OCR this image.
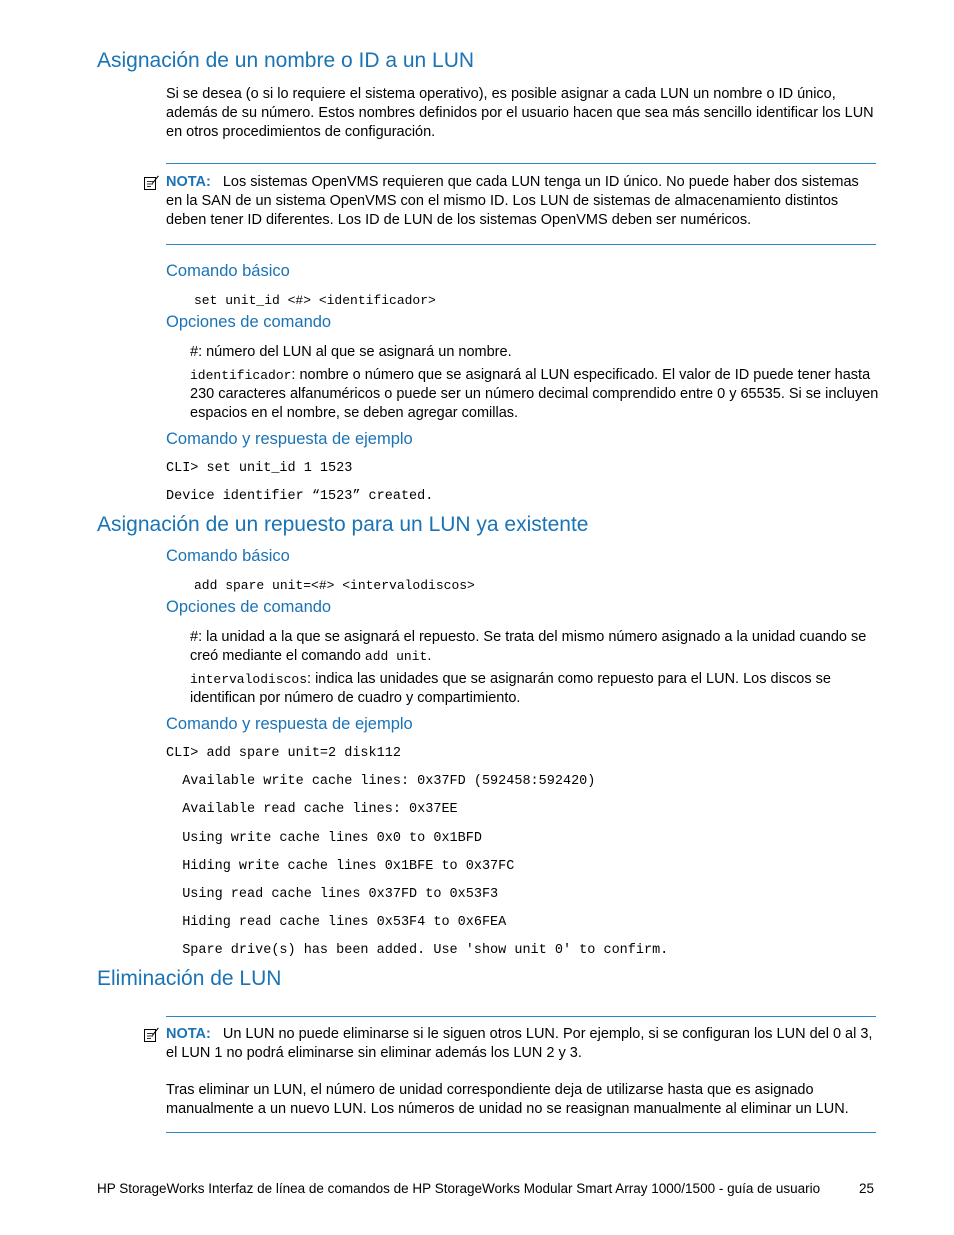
Asignación de un nombre o ID a un LUN
Si se desea (o si lo requiere el sistema operativo), es posible asignar a cada LUN un nombre o ID único, además de su número. Estos nombres definidos por el usuario hacen que sea más sencillo identificar los LUN en otros procedimientos de configuración.
NOTA: Los sistemas OpenVMS requieren que cada LUN tenga un ID único. No puede haber dos sistemas en la SAN de un sistema OpenVMS con el mismo ID. Los LUN de sistemas de almacenamiento distintos deben tener ID diferentes. Los ID de LUN de los sistemas OpenVMS deben ser numéricos.
Comando básico
set unit_id <#> <identificador>
Opciones de comando
#: número del LUN al que se asignará un nombre.
identificador: nombre o número que se asignará al LUN especificado. El valor de ID puede tener hasta 230 caracteres alfanuméricos o puede ser un número decimal comprendido entre 0 y 65535. Si se incluyen espacios en el nombre, se deben agregar comillas.
Comando y respuesta de ejemplo
CLI> set unit_id 1 1523
Device identifier “1523” created.
Asignación de un repuesto para un LUN ya existente
Comando básico
add spare unit=<#> <intervalodiscos>
Opciones de comando
#: la unidad a la que se asignará el repuesto. Se trata del mismo número asignado a la unidad cuando se creó mediante el comando add unit.
intervalodiscos: indica las unidades que se asignarán como repuesto para el LUN. Los discos se identifican por número de cuadro y compartimiento.
Comando y respuesta de ejemplo
CLI> add spare unit=2 disk112
Available write cache lines: 0x37FD (592458:592420)
Available read cache lines: 0x37EE
Using write cache lines 0x0 to 0x1BFD
Hiding write cache lines 0x1BFE to 0x37FC
Using read cache lines 0x37FD to 0x53F3
Hiding read cache lines 0x53F4 to 0x6FEA
Spare drive(s) has been added. Use 'show unit 0' to confirm.
Eliminación de LUN
NOTA: Un LUN no puede eliminarse si le siguen otros LUN. Por ejemplo, si se configuran los LUN del 0 al 3, el LUN 1 no podrá eliminarse sin eliminar además los LUN 2 y 3.
Tras eliminar un LUN, el número de unidad correspondiente deja de utilizarse hasta que es asignado manualmente a un nuevo LUN. Los números de unidad no se reasignan manualmente al eliminar un LUN.
HP StorageWorks Interfaz de línea de comandos de HP StorageWorks Modular Smart Array 1000/1500 - guía de usuario	25
